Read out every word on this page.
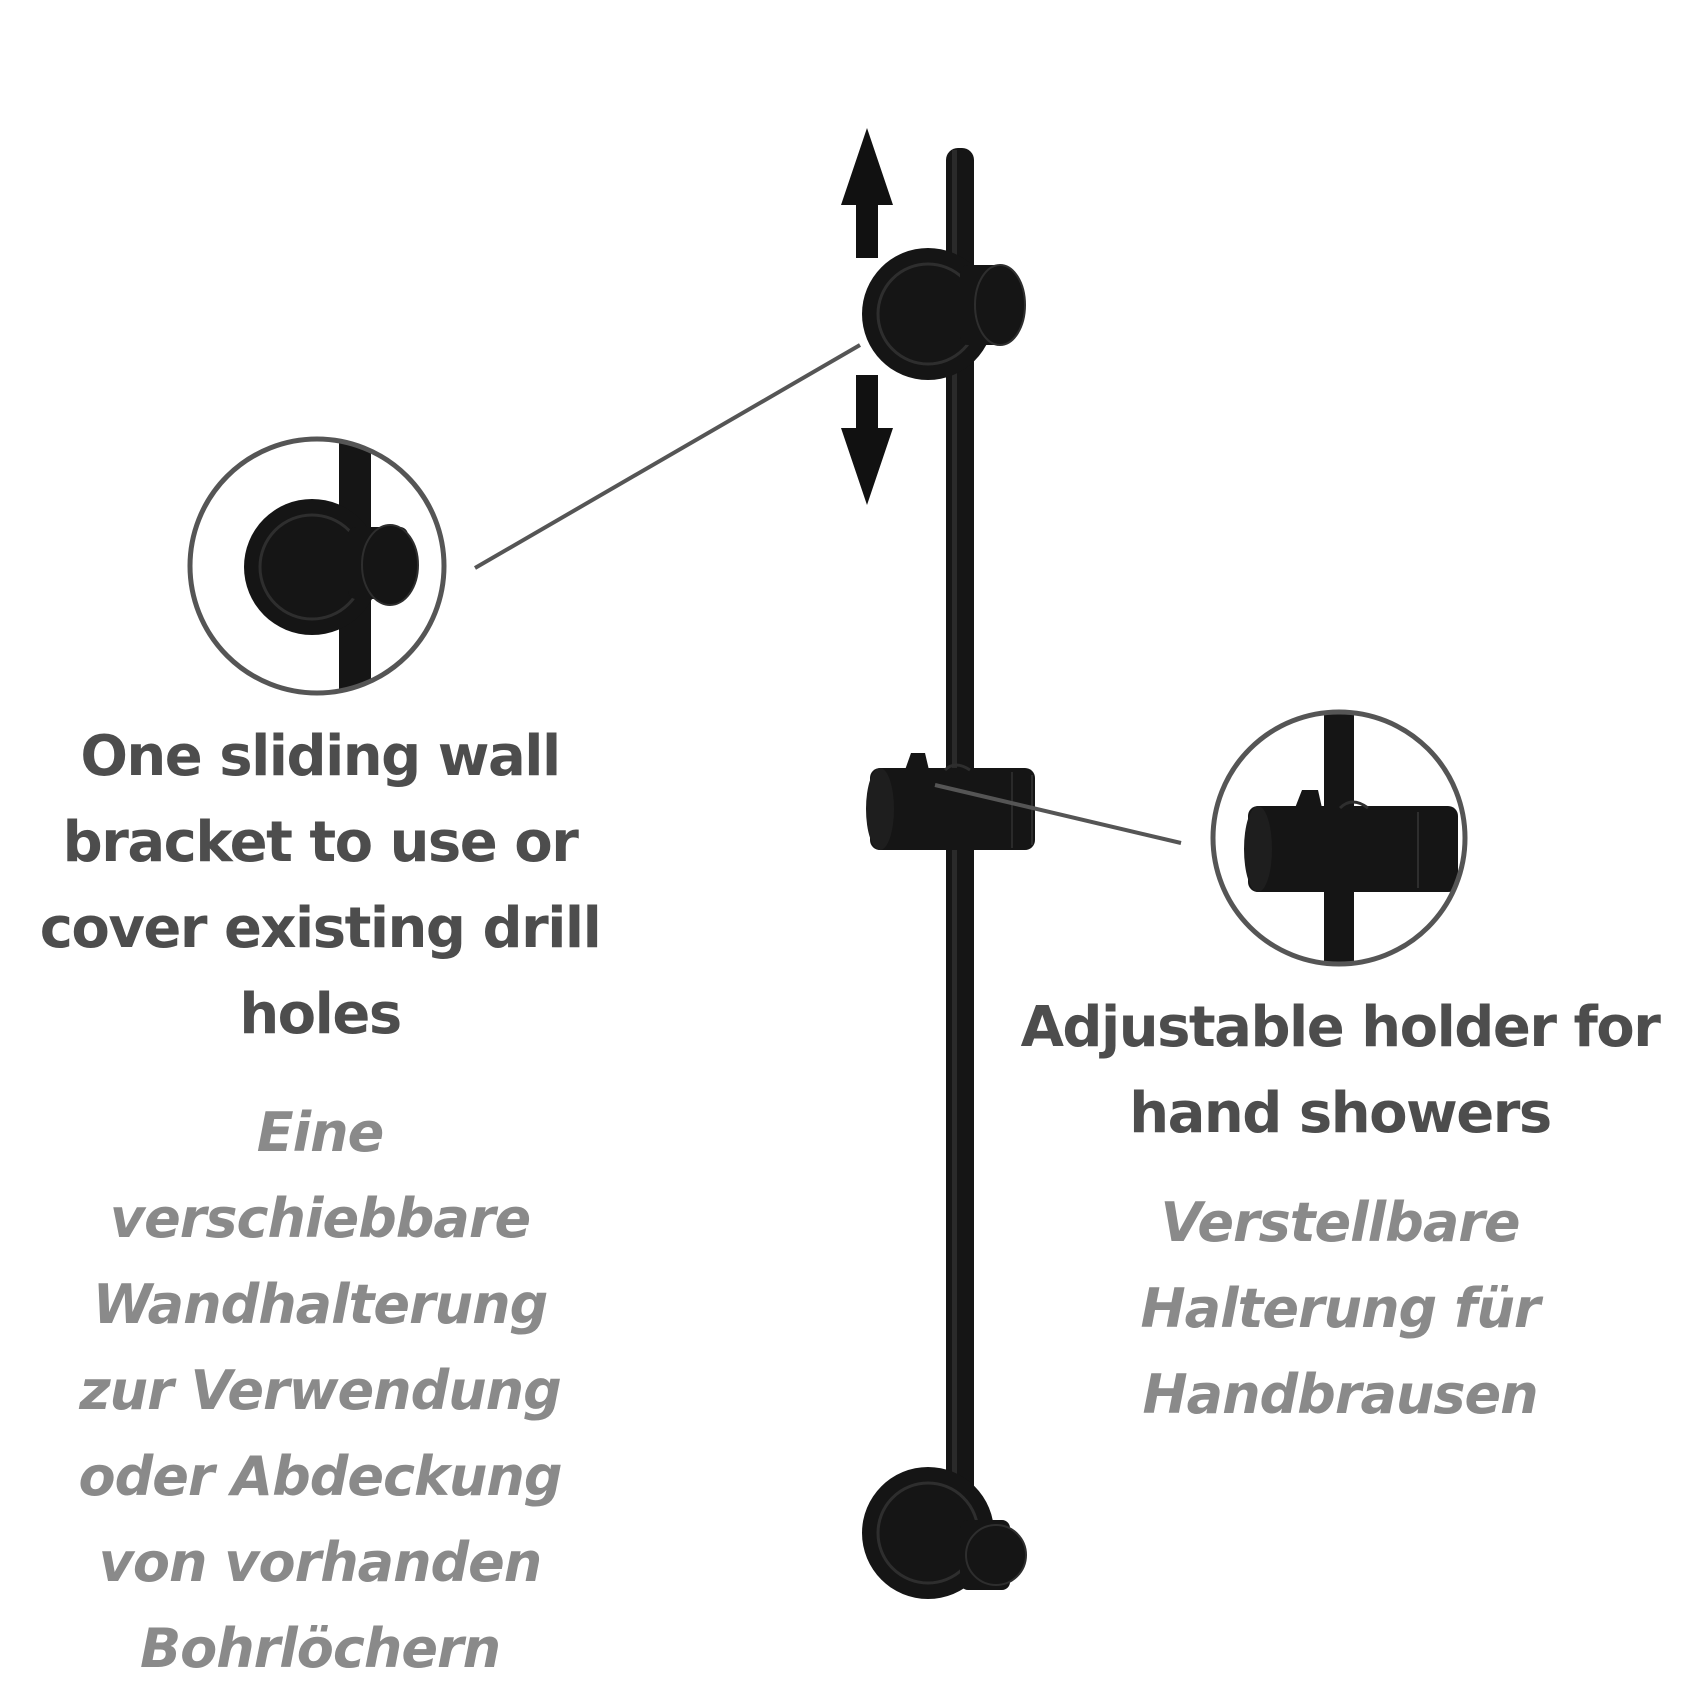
One sliding wall
bracket to use or
cover existing drill
holes
Eine
verschiebbare
Wandhalterung
zur Verwendung
oder Abdeckung
von vorhanden
Bohrlöchern
Adjustable holder for
hand showers
Verstellbare
Halterung für
Handbrausen
